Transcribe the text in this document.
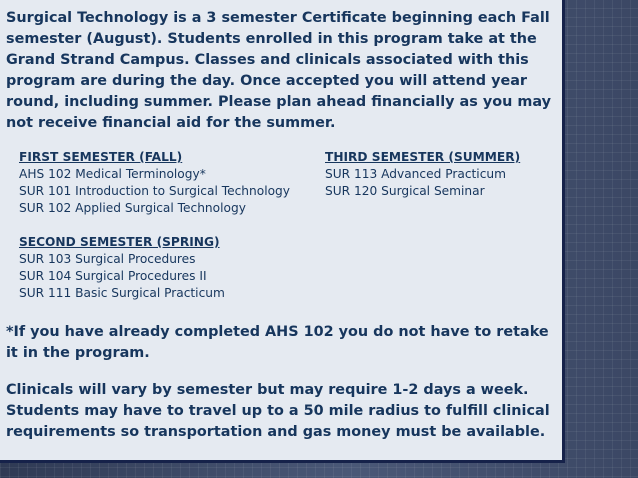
Surgical Technology is a 3 semester Certificate beginning each Fall semester (August). Students enrolled in this program take at the Grand Strand Campus. Classes and clinicals associated with this program are during the day. Once accepted you will attend year round, including summer. Please plan ahead financially as you may not receive financial aid for the summer.

FIRST SEMESTER (FALL)
AHS 102 Medical Terminology*
SUR 101 Introduction to Surgical Technology
SUR 102 Applied Surgical Technology
THIRD SEMESTER (SUMMER)
SUR 113 Advanced Practicum
SUR 120 Surgical Seminar
SECOND SEMESTER (SPRING)
SUR 103 Surgical Procedures
SUR 104 Surgical Procedures II
SUR 111 Basic Surgical Practicum

*If you have already completed AHS 102 you do not have to retake it in the program.

Clinicals will vary by semester but may require 1-2 days a week. Students may have to travel up to a 50 mile radius to fulfill clinical requirements so transportation and gas money must be available.
